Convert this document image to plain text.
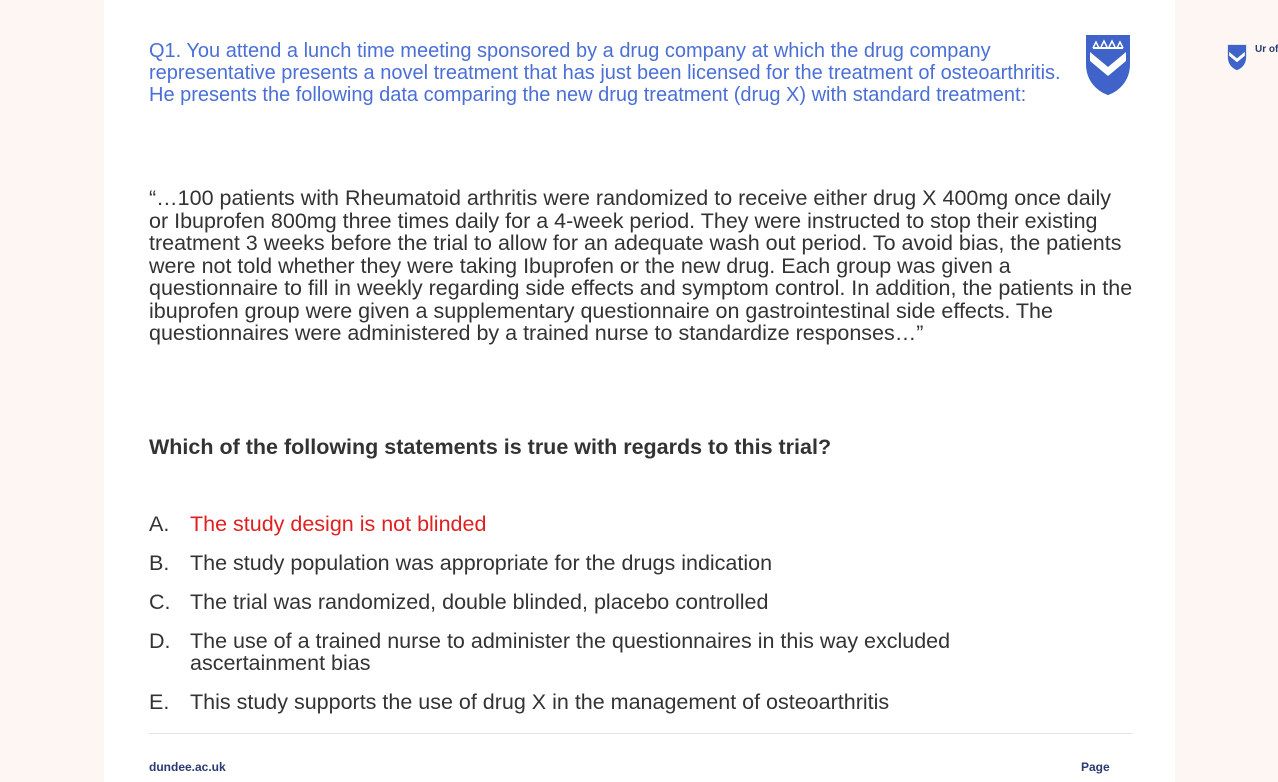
Ur of

Q1. You attend a lunch time meeting sponsored by a drug company at which the drug company representative presents a novel treatment that has just been licensed for the treatment of osteoarthritis. He presents the following data comparing the new drug treatment (drug X) with standard treatment:

“…100 patients with Rheumatoid arthritis were randomized to receive either drug X 400mg once daily or Ibuprofen 800mg three times daily for a 4-week period. They were instructed to stop their existing treatment 3 weeks before the trial to allow for an adequate wash out period. To avoid bias, the patients were not told whether they were taking Ibuprofen or the new drug. Each group was given a questionnaire to fill in weekly regarding side effects and symptom control. In addition, the patients in the ibuprofen group were given a supplementary questionnaire on gastrointestinal side effects. The questionnaires were administered by a trained nurse to standardize responses…”

Which of the following statements is true with regards to this trial?

A. The study design is not blinded
B. The study population was appropriate for the drugs indication
C. The trial was randomized, double blinded, placebo controlled
D. The use of a trained nurse to administer the questionnaires in this way excluded ascertainment bias
E. This study supports the use of drug X in the management of osteoarthritis
dundee.ac.uk	Page
